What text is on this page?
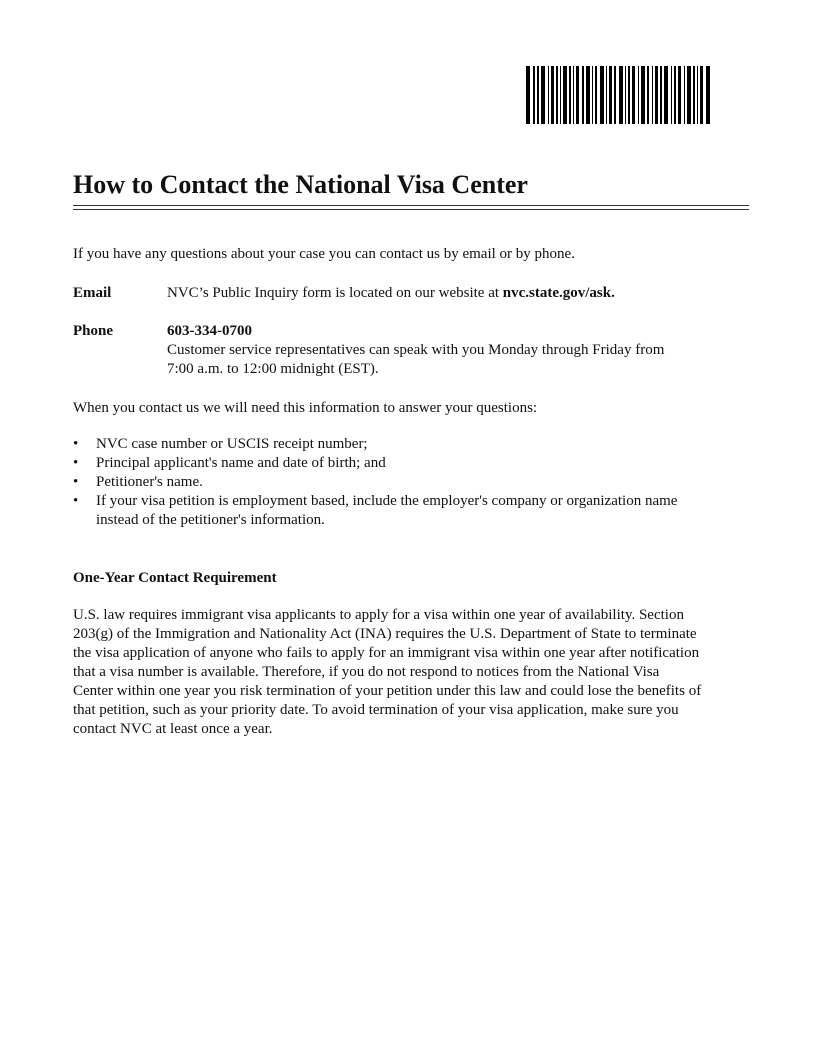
How to Contact the National Visa Center

If you have any questions about your case you can contact us by email or by phone.

Email	NVC’s Public Inquiry form is located on our website at nvc.state.gov/ask.
Phone	603-334-0700
Customer service representatives can speak with you Monday through Friday from
7:00 a.m. to 12:00 midnight (EST).

When you contact us we will need this information to answer your questions:

• NVC case number or USCIS receipt number;
• Principal applicant's name and date of birth; and
• Petitioner's name.
• If your visa petition is employment based, include the employer's company or organization name
instead of the petitioner's information.
One-Year Contact Requirement
U.S. law requires immigrant visa applicants to apply for a visa within one year of availability. Section
203(g) of the Immigration and Nationality Act (INA) requires the U.S. Department of State to terminate
the visa application of anyone who fails to apply for an immigrant visa within one year after notification
that a visa number is available. Therefore, if you do not respond to notices from the National Visa
Center within one year you risk termination of your petition under this law and could lose the benefits of
that petition, such as your priority date. To avoid termination of your visa application, make sure you
contact NVC at least once a year.
